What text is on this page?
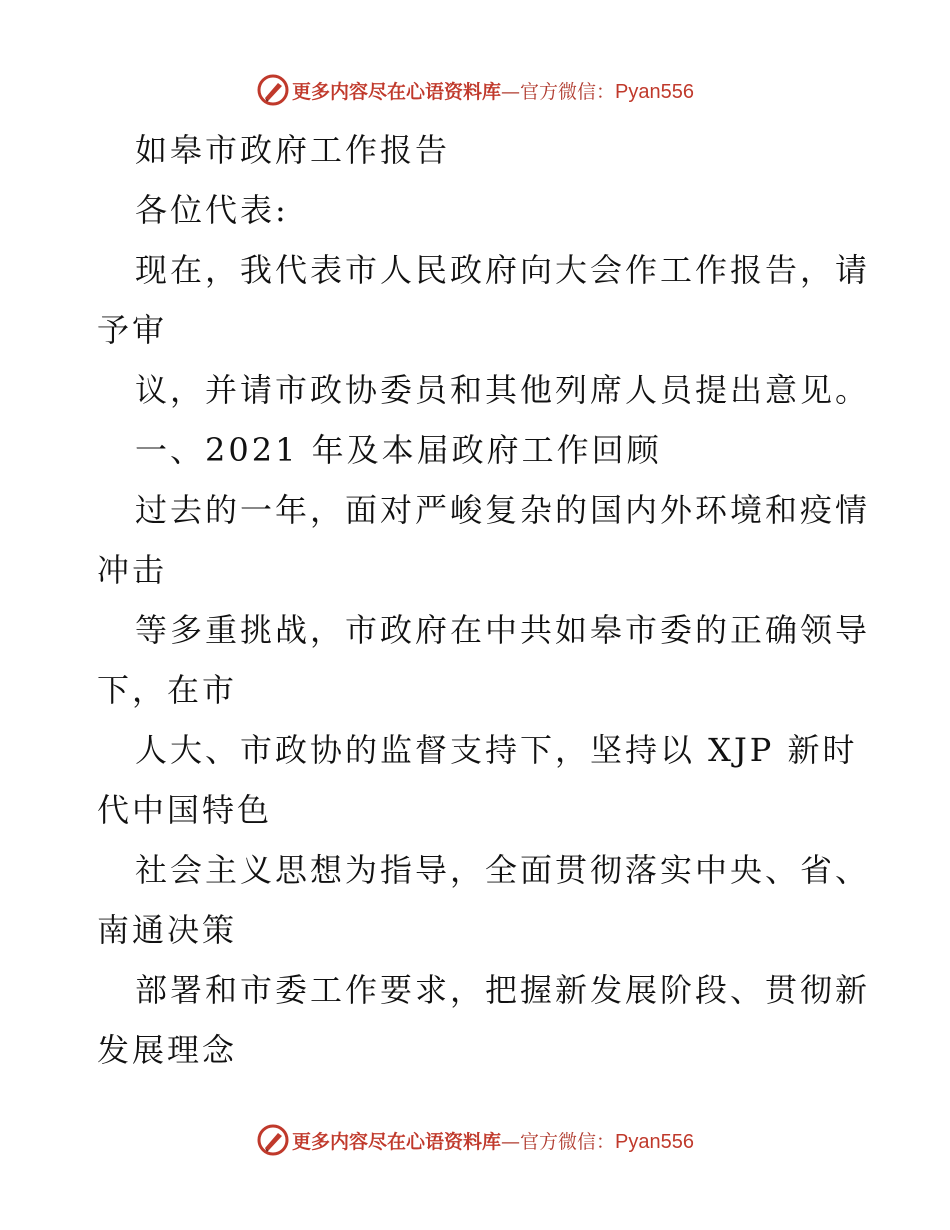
更多内容尽在心语资料库—官方微信：Pyan556
如皋市政府工作报告
各位代表:
现在，我代表市人民政府向大会作工作报告，请
予审
议，并请市政协委员和其他列席人员提出意见。
一、2021 年及本届政府工作回顾
过去的一年，面对严峻复杂的国内外环境和疫情
冲击
等多重挑战，市政府在中共如皋市委的正确领导
下，在市
人大、市政协的监督支持下，坚持以 XJP 新时
代中国特色
社会主义思想为指导，全面贯彻落实中央、省、
南通决策
部署和市委工作要求，把握新发展阶段、贯彻新
发展理念
更多内容尽在心语资料库—官方微信：Pyan556
